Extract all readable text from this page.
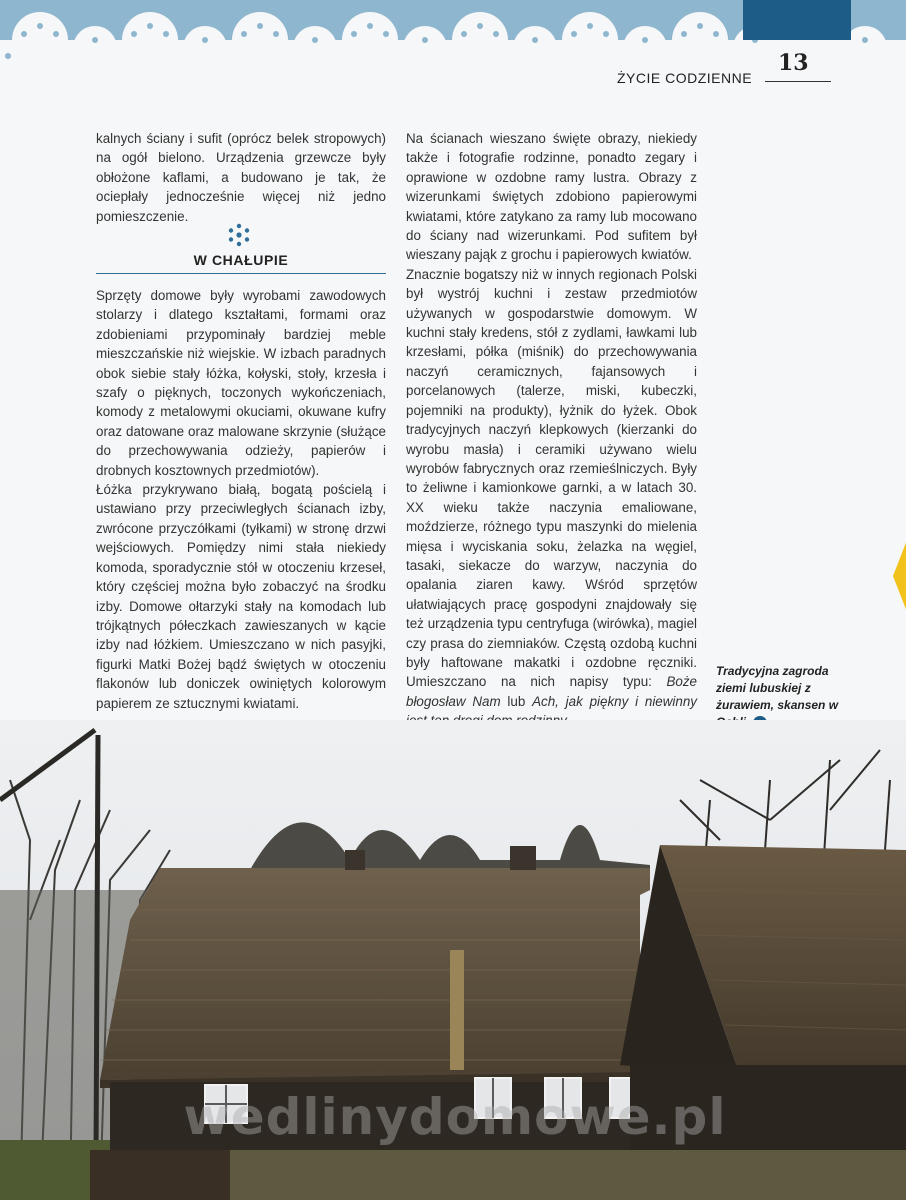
13
ŻYCIE CODZIENNE

kalnych ściany i sufit (oprócz belek stropowych) na ogół bielono. Urządzenia grzewcze były obłożone kaflami, a budowano je tak, że ociepłały jednocześnie więcej niż jedno pomieszczenie.

W CHAŁUPIE

Sprzęty domowe były wyrobami zawodowych stolarzy i dlatego kształtami, formami oraz zdobieniami przypominały bardziej meble mieszczańskie niż wiejskie. W izbach paradnych obok siebie stały łóżka, kołyski, stoły, krzesła i szafy o pięknych, toczonych wykończeniach, komody z metalowymi okuciami, okuwane kufry oraz datowane oraz malowane skrzynie (służące do przechowywania odzieży, papierów i drobnych kosztownych przedmiotów).

Łóżka przykrywano białą, bogatą pościelą i ustawiano przy przeciwległych ścianach izby, zwrócone przyczółkami (tyłkami) w stronę drzwi wejściowych. Pomiędzy nimi stała niekiedy komoda, sporadycznie stół w otoczeniu krzeseł, który częściej można było zobaczyć na środku izby. Domowe ołtarzyki stały na komodach lub trójkątnych półeczkach zawieszanych w kącie izby nad łóżkiem. Umieszczano w nich pasyjki, figurki Matki Bożej bądź świętych w otoczeniu flakonów lub doniczek owiniętych kolorowym papierem ze sztucznymi kwiatami.

Na ścianach wieszano święte obrazy, niekiedy także i fotografie rodzinne, ponadto zegary i oprawione w ozdobne ramy lustra. Obrazy z wizerunkami świętych zdobiono papierowymi kwiatami, które zatykano za ramy lub mocowano do ściany nad wizerunkami. Pod sufitem był wieszany pająk z grochu i papierowych kwiatów.

Znacznie bogatszy niż w innych regionach Polski był wystrój kuchni i zestaw przedmiotów używanych w gospodarstwie domowym. W kuchni stały kredens, stół z zydlami, ławkami lub krzesłami, półka (miśnik) do przechowywania naczyń ceramicznych, fajansowych i porcelanowych (talerze, miski, kubeczki, pojemniki na produkty), łyżnik do łyżek. Obok tradycyjnych naczyń klepkowych (kierzanki do wyrobu masła) i ceramiki używano wielu wyrobów fabrycznych oraz rzemieślniczych. Były to żeliwne i kamionkowe garnki, a w latach 30. XX wieku także naczynia emaliowane, moździerze, różnego typu maszynki do mielenia mięsa i wyciskania soku, żelazka na węgiel, tasaki, siekacze do warzyw, naczynia do opalania ziaren kawy. Wśród sprzętów ułatwiających pracę gospodyni znajdowały się też urządzenia typu centryfuga (wirówka), magiel czy prasa do ziemniaków. Częstą ozdobą kuchni były haftowane makatki i ozdobne ręczniki. Umieszczano na nich napisy typu: Boże błogosław Nam lub Ach, jak piękny i niewinny

Tradycyjna zagroda ziemi lubuskiej z żurawiem, skansen w
wedlinydomowe.pl
